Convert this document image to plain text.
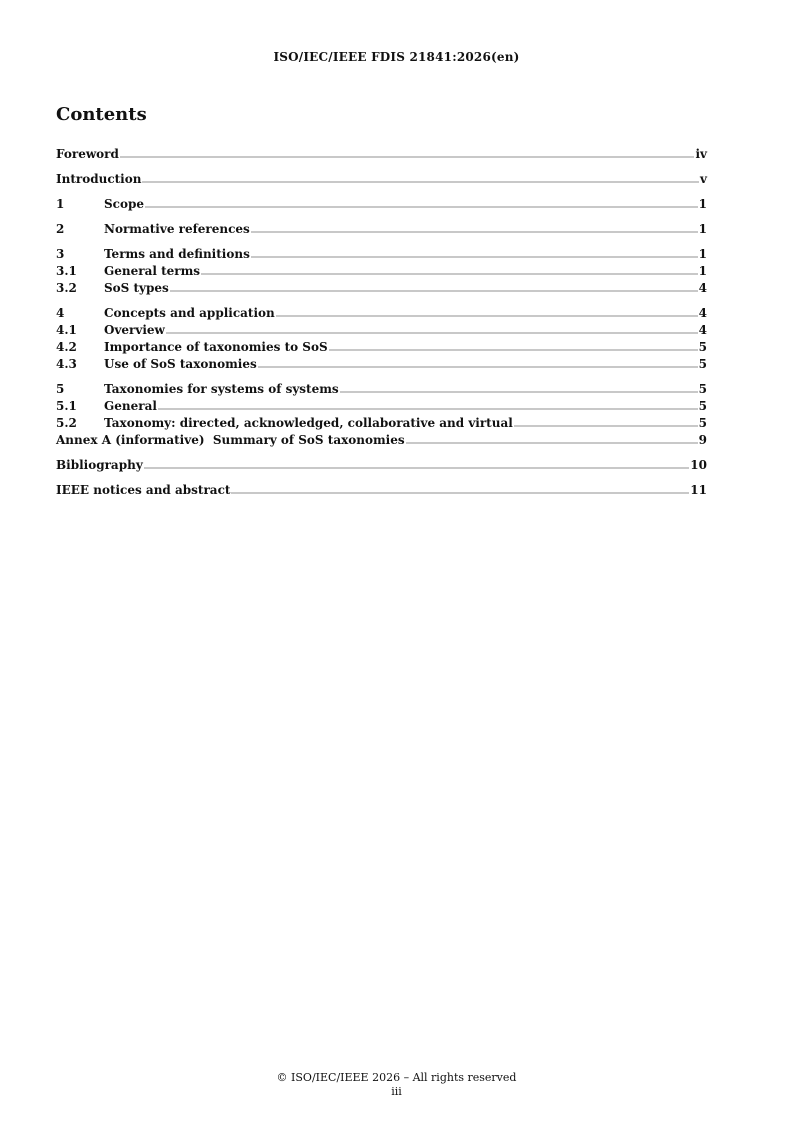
ISO/IEC/IEEE FDIS 21841:2026(en)
Contents
Foreword	iv
Introduction	v
1	Scope	1
2	Normative references	1
3	Terms and definitions	1
3.1	General terms	1
3.2	SoS types	4
4	Concepts and application	4
4.1	Overview	4
4.2	Importance of taxonomies to SoS	5
4.3	Use of SoS taxonomies	5
5	Taxonomies for systems of systems	5
5.1	General	5
5.2	Taxonomy: directed, acknowledged, collaborative and virtual	5
Annex A (informative)  Summary of SoS taxonomies	9
Bibliography	10
IEEE notices and abstract	11
© ISO/IEC/IEEE 2026 – All rights reserved
iii
